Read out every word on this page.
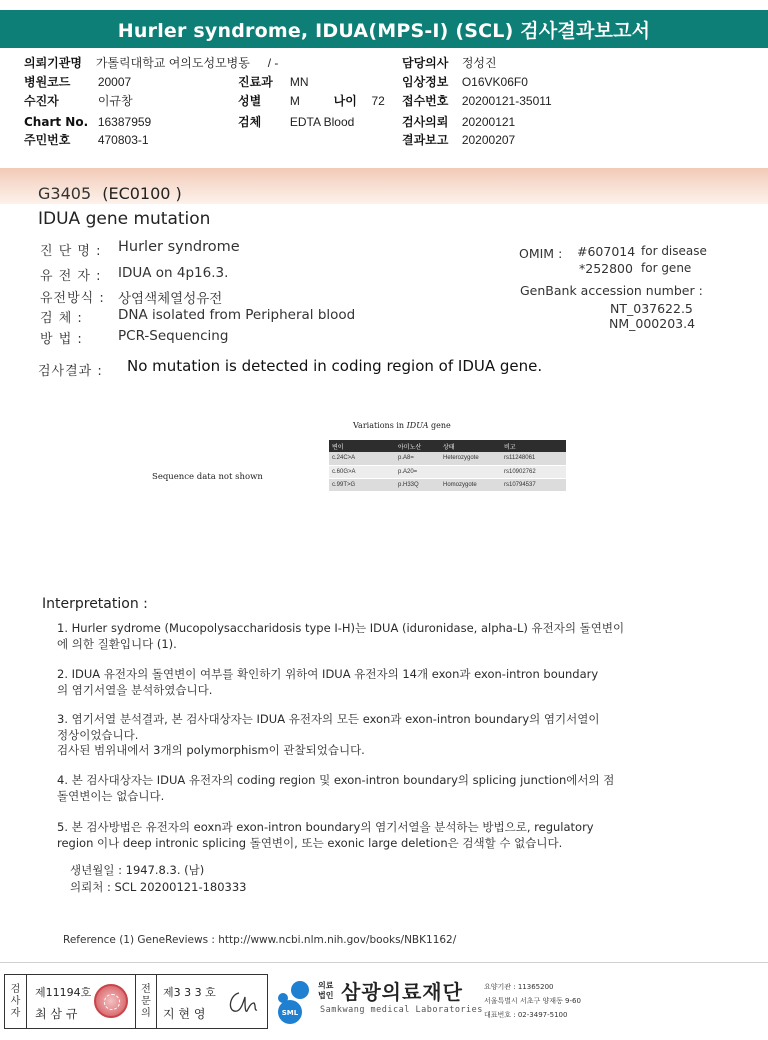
Hurler syndrome, IDUA(MPS-I) (SCL) 검사결과보고서
의뢰기관명 가톨릭대학교 여의도성모병동 / -
병원코드 20007
수진자	이규창
Chart No. 16387959
주민번호 470803-1
진료과 MN
성별 M	나이 72
검체 EDTA Blood
담당의사 정성진
임상정보 O16VK06F0
접수번호 20200121-35011
검사의뢰 20200121
결과보고 20200207
G3405 (EC0100 )
IDUA gene mutation
진 단 명 : Hurler syndrome
유 전 자 : IDUA on 4p16.3.
유전방식 : 상염색체열성유전
검 체 :	DNA isolated from Peripheral blood
방 법 :	PCR-Sequencing
OMIM : #607014 for disease
*252800 for gene
GenBank accession number :
NT_037622.5
NM_000203.4
검사결과 : No mutation is detected in coding region of IDUA gene.
Variations in IDUA gene
Sequence data not shown
변이	아미노산	상태	비고
c.24C>A	p.A8=	Heterozygote	rs11248061
c.60G>A	p.A20=		rs10902762
c.99T>G	p.H33Q	Homozygote	rs10794537
Interpretation :

1. Hurler sydrome (Mucopolysaccharidosis type I-H)는 IDUA (iduronidase, alpha-L) 유전자의 돌연변이

에 의한 질환입니다 (1).

2. IDUA 유전자의 돌연변이 여부를 확인하기 위하여 IDUA 유전자의 14개 exon과 exon-intron boundary

의 염기서열을 분석하였습니다.

3. 염기서열 분석결과, 본 검사대상자는 IDUA 유전자의 모든 exon과 exon-intron boundary의 염기서열이

정상이었습니다.

검사된 범위내에서 3개의 polymorphism이 관찰되었습니다.

4. 본 검사대상자는 IDUA 유전자의 coding region 및 exon-intron boundary의 splicing junction에서의 점

돌연변이는 없습니다.

5. 본 검사방법은 유전자의 eoxn과 exon-intron boundary의 염기서열을 분석하는 방법으로, regulatory

region 이나 deep intronic splicing 돌연변이, 또는 exonic large deletion은 검색할 수 없습니다.

생년월일 : 1947.8.3. (남)
의뢰처 : SCL 20200121-180333
Reference (1) GeneReviews : http://www.ncbi.nlm.nih.gov/books/NBK1162/
검
사
자
제11194호
최 삼 규
전
문
의
제3 3 3 호
지 현 영	SML
의료
법인 삼광의료재단
Samkwang medical Laboratories
요양기관 : 11365200
서울특별시 서초구 양재동 9-60
대표번호 : 02-3497-5100
